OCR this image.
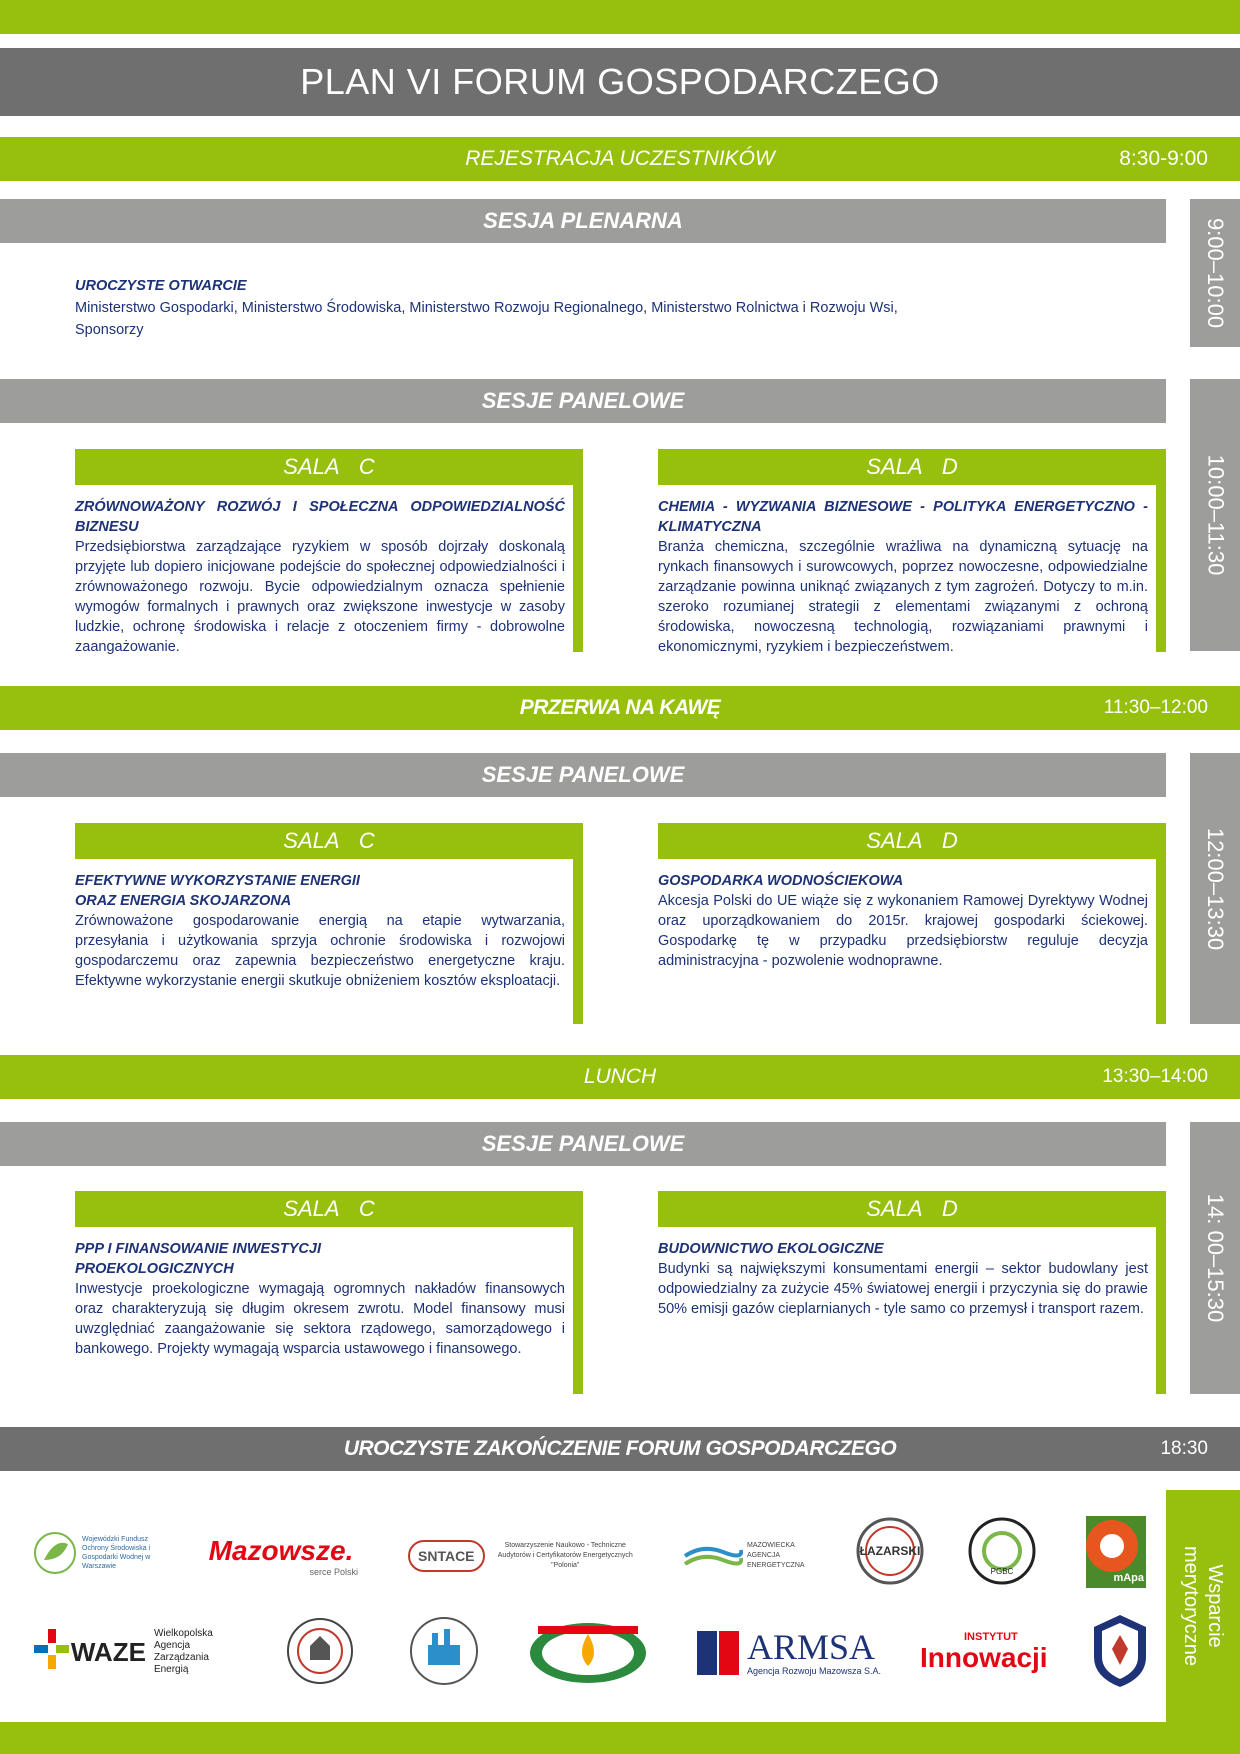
PLAN VI FORUM GOSPODARCZEGO
REJESTRACJA UCZESTNIKÓW	8:30-9:00
SESJA PLENARNA	9:00–10:00
UROCZYSTE OTWARCIE
Ministerstwo Gospodarki, Ministerstwo Środowiska, Ministerstwo Rozwoju Regionalnego, Ministerstwo Rolnictwa i Rozwoju Wsi,
Sponsorzy
SESJE PANELOWE
10:00–11:30
SALA C
ZRÓWNOWAŻONY ROZWÓJ I SPOŁECZNA ODPOWIEDZIALNOŚĆ BIZNESU
Przedsiębiorstwa zarządzające ryzykiem w sposób dojrzały doskonalą przyjęte lub dopiero inicjowane podejście do społecznej odpowiedzialności i zrównoważonego rozwoju. Bycie odpowiedzialnym oznacza spełnienie wymogów formalnych i prawnych oraz zwiększone inwestycje w zasoby ludzkie, ochronę środowiska i relacje z otoczeniem firmy - dobrowolne zaangażowanie.
SALA D
CHEMIA - WYZWANIA BIZNESOWE - POLITYKA ENERGETYCZNO -KLIMATYCZNA
Branża chemiczna, szczególnie wrażliwa na dynamiczną sytuację na rynkach finansowych i surowcowych, poprzez nowoczesne, odpowiedzialne zarządzanie powinna uniknąć związanych z tym zagrożeń. Dotyczy to m.in. szeroko rozumianej strategii z elementami związanymi z ochroną środowiska, nowoczesną technologią, rozwiązaniami prawnymi i ekonomicznymi, ryzykiem i bezpieczeństwem.
PRZERWA NA KAWĘ	11:30–12:00
SESJE PANELOWE
12:00–13:30
SALA C
EFEKTYWNE WYKORZYSTANIE ENERGII
ORAZ ENERGIA SKOJARZONA
Zrównoważone gospodarowanie energią na etapie wytwarzania, przesyłania i użytkowania sprzyja ochronie środowiska i rozwojowi gospodarczemu oraz zapewnia bezpieczeństwo energetyczne kraju. Efektywne wykorzystanie energii skutkuje obniżeniem kosztów eksploatacji.
SALA D
GOSPODARKA WODNOŚCIEKOWA
Akcesja Polski do UE wiąże się z wykonaniem Ramowej Dyrektywy Wodnej oraz uporządkowaniem do 2015r. krajowej gospodarki ściekowej. Gospodarkę tę w przypadku przedsiębiorstw reguluje decyzja administracyjna - pozwolenie wodnoprawne.
LUNCH	13:30–14:00
SESJE PANELOWE
14: 00–15:30
SALA C
PPP I FINANSOWANIE INWESTYCJI
PROEKOLOGICZNYCH
Inwestycje proekologiczne wymagają ogromnych nakładów finansowych oraz charakteryzują się długim okresem zwrotu. Model finansowy musi uwzględniać zaangażowanie się sektora rządowego, samorządowego i bankowego. Projekty wymagają wsparcia ustawowego i finansowego.
SALA D
BUDOWNICTWO EKOLOGICZNE
Budynki są największymi konsumentami energii – sektor budowlany jest odpowiedzialny za zużycie 45% światowej energii i przyczynia się do prawie 50% emisji gazów cieplarnianych - tyle samo co przemysł i transport razem.
UROCZYSTE ZAKOŃCZENIE FORUM GOSPODARCZEGO	18:30
Wsparcie
merytoryczne
Wojewódzki Fundusz Ochrony Środowiska i Gospodarki Wodnej w Warszawie
Mazowsze.
serce Polski
SNTACE
Stowarzyszenie Naukowo - Techniczne Audytorów i Certyfikatorów Energetycznych "Polonia"
MAZOWIECKA AGENCJA ENERGETYCZNA
ŁAZARSKI
PGBC
mApa
WAZE
Wielkopolska Agencja Zarządzania Energią
ARMSA
Agencja Rozwoju Mazowsza S.A.
INSTYTUT
Innowacji
